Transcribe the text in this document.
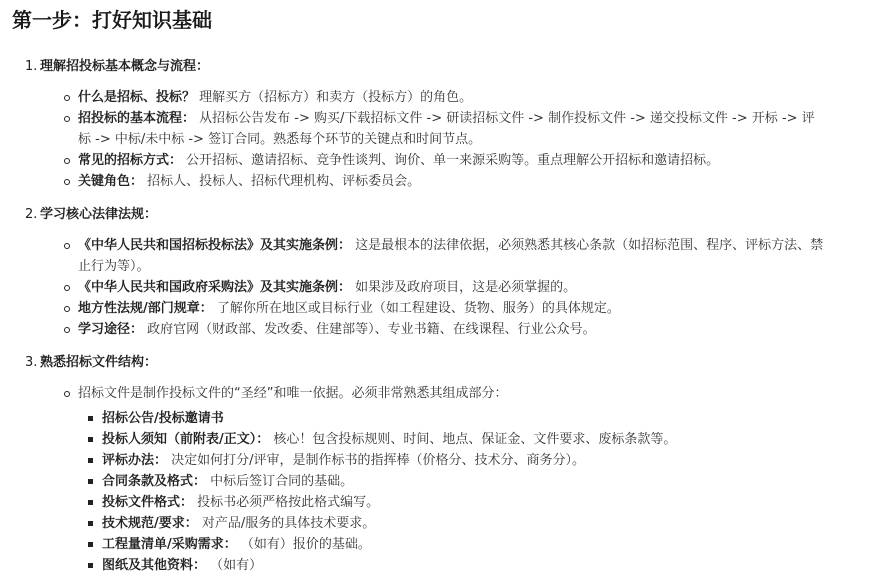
第一步：打好知识基础
1. 理解招投标基本概念与流程：
什么是招标、投标？ 理解买方（招标方）和卖方（投标方）的角色。
招投标的基本流程： 从招标公告发布 -> 购买/下载招标文件 -> 研读招标文件 -> 制作投标文件 -> 递交投标文件 -> 开标 -> 评标 -> 中标/未中标 -> 签订合同。熟悉每个环节的关键点和时间节点。
常见的招标方式： 公开招标、邀请招标、竞争性谈判、询价、单一来源采购等。重点理解公开招标和邀请招标。
关键角色： 招标人、投标人、招标代理机构、评标委员会。
2. 学习核心法律法规：
《中华人民共和国招标投标法》及其实施条例： 这是最根本的法律依据，必须熟悉其核心条款（如招标范围、程序、评标方法、禁止行为等）。
《中华人民共和国政府采购法》及其实施条例： 如果涉及政府项目，这是必须掌握的。
地方性法规/部门规章： 了解你所在地区或目标行业（如工程建设、货物、服务）的具体规定。
学习途径： 政府官网（财政部、发改委、住建部等）、专业书籍、在线课程、行业公众号。
3. 熟悉招标文件结构：
招标文件是制作投标文件的“圣经”和唯一依据。必须非常熟悉其组成部分：
招标公告/投标邀请书
投标人须知（前附表/正文）： 核心！包含投标规则、时间、地点、保证金、文件要求、废标条款等。
评标办法： 决定如何打分/评审，是制作标书的指挥棒（价格分、技术分、商务分）。
合同条款及格式： 中标后签订合同的基础。
投标文件格式： 投标书必须严格按此格式编写。
技术规范/要求： 对产品/服务的具体技术要求。
工程量清单/采购需求： （如有）报价的基础。
图纸及其他资料： （如有）
